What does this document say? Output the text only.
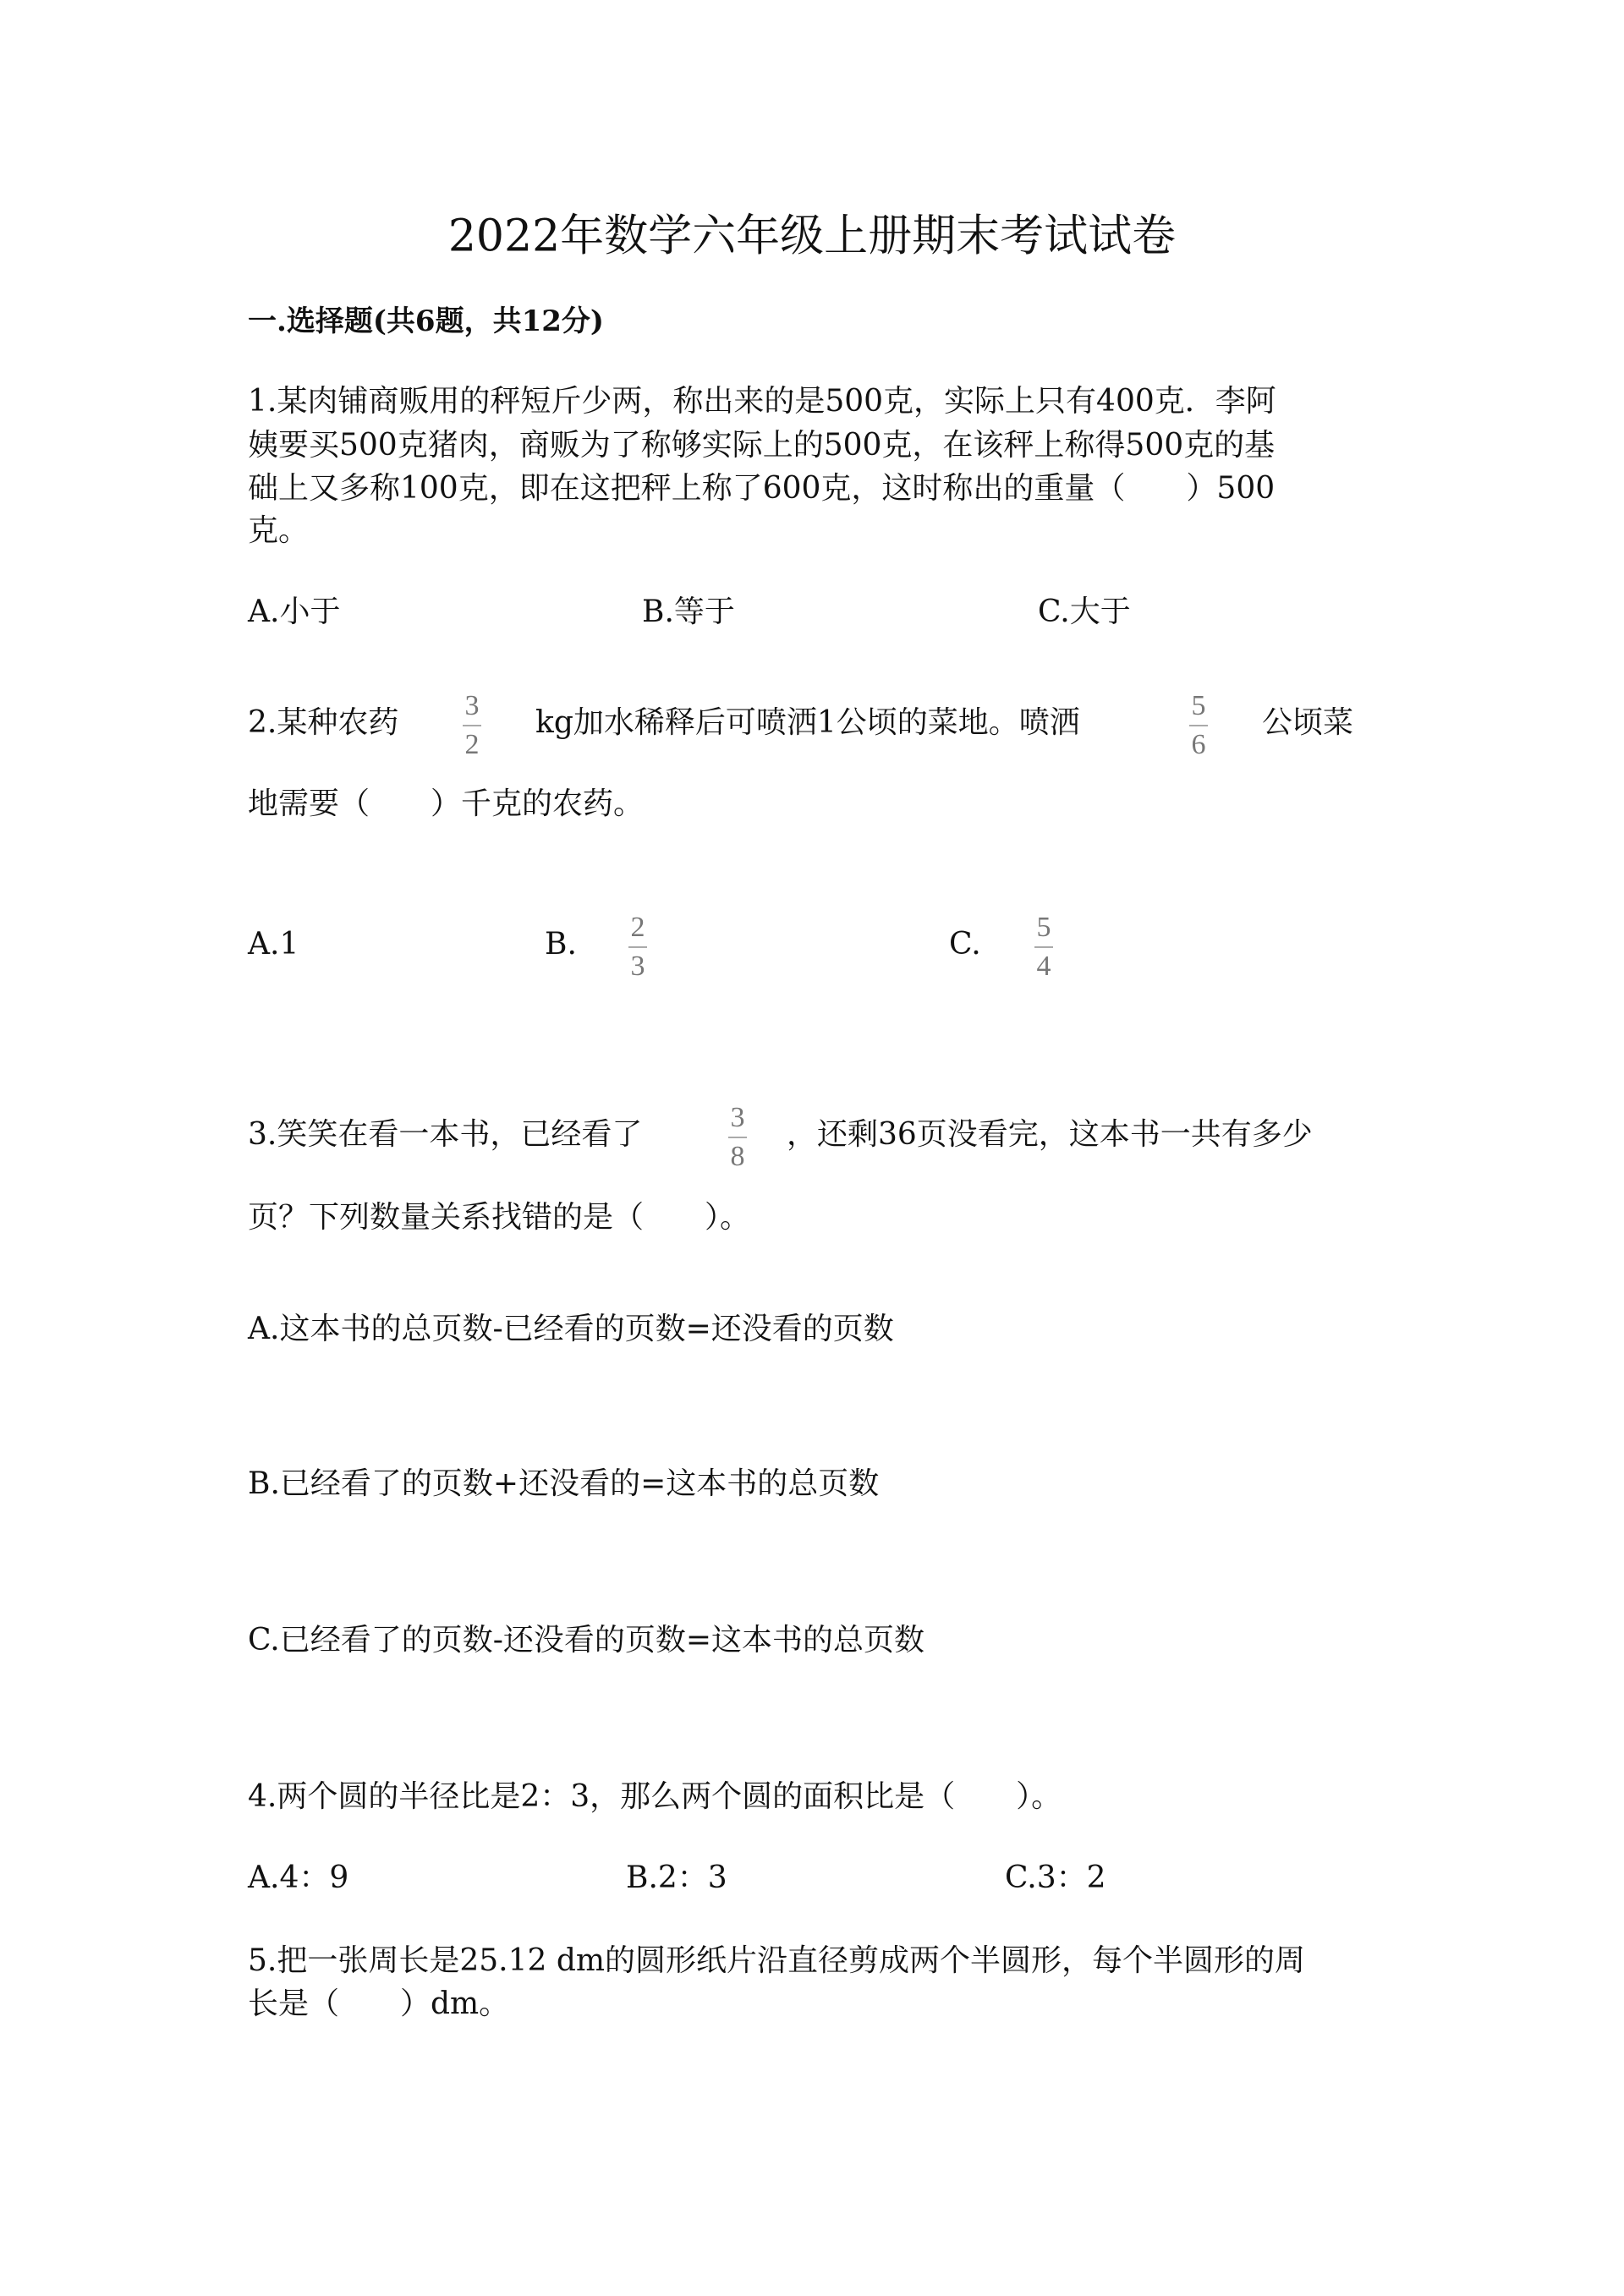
2022年数学六年级上册期末考试试卷
一.选择题(共6题，共12分)
1.某肉铺商贩用的秤短斤少两，称出来的是500克，实际上只有400克．李阿
姨要买500克猪肉，商贩为了称够实际上的500克，在该秤上称得500克的基
础上又多称100克，即在这把秤上称了600克，这时称出的重量（　　）500
克。
A.小于	B.等于	C.大于
2.某种农药 3
2
kg加水稀释后可喷洒1公顷的菜地。喷洒	5
6
公顷菜
地需要（　　）千克的农药。
A.1	B. 2
3
C. 5
4
3.笑笑在看一本书，已经看了	3
8
，还剩36页没看完，这本书一共有多少
页？下列数量关系找错的是（　　）。
A.这本书的总页数-已经看的页数=还没看的页数
B.已经看了的页数+还没看的=这本书的总页数
C.已经看了的页数-还没看的页数=这本书的总页数
4.两个圆的半径比是2：3，那么两个圆的面积比是（　　）。
A.4：9	B.2：3	C.3：2
5.把一张周长是25.12 dm的圆形纸片沿直径剪成两个半圆形，每个半圆形的周
长是（　　）dm。
